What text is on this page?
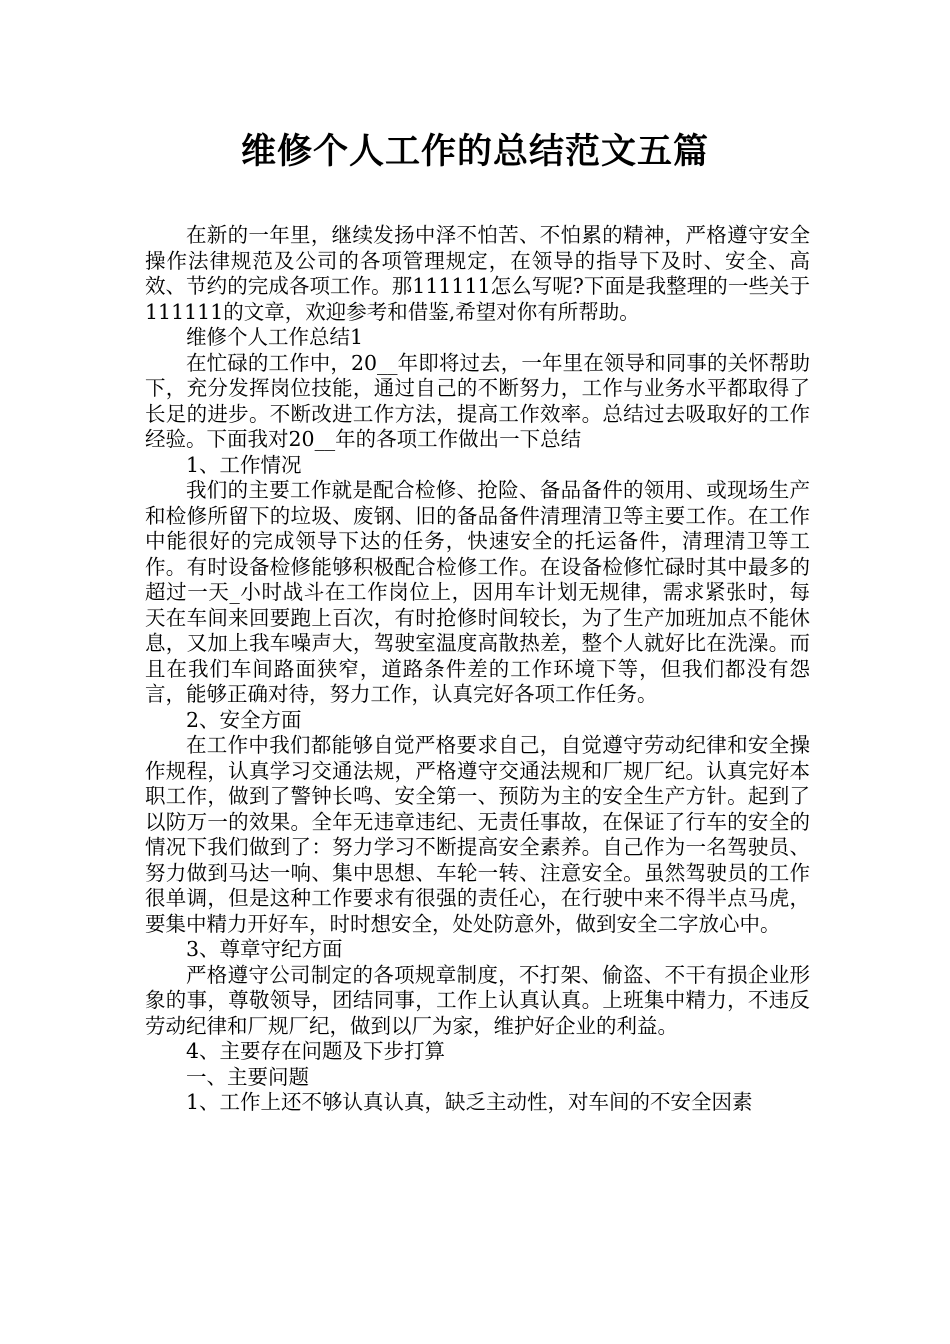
维修个人工作的总结范文五篇

在新的一年里，继续发扬中泽不怕苦、不怕累的精神，严格遵守安全操作法律规范及公司的各项管理规定，在领导的指导下及时、安全、高效、节约的完成各项工作。那111111怎么写呢?下面是我整理的一些关于111111的文章，欢迎参考和借鉴,希望对你有所帮助。

维修个人工作总结1

在忙碌的工作中，20__年即将过去，一年里在领导和同事的关怀帮助下，充分发挥岗位技能，通过自己的不断努力，工作与业务水平都取得了长足的进步。不断改进工作方法，提高工作效率。总结过去吸取好的工作经验。下面我对20__年的各项工作做出一下总结

1、工作情况

我们的主要工作就是配合检修、抢险、备品备件的领用、或现场生产和检修所留下的垃圾、废钢、旧的备品备件清理清卫等主要工作。在工作中能很好的完成领导下达的任务，快速安全的托运备件，清理清卫等工作。有时设备检修能够积极配合检修工作。在设备检修忙碌时其中最多的超过一天_小时战斗在工作岗位上，因用车计划无规律，需求紧张时，每天在车间来回要跑上百次，有时抢修时间较长，为了生产加班加点不能休息，又加上我车噪声大，驾驶室温度高散热差，整个人就好比在洗澡。而且在我们车间路面狭窄，道路条件差的工作环境下等，但我们都没有怨言，能够正确对待，努力工作，认真完好各项工作任务。

2、安全方面

在工作中我们都能够自觉严格要求自己，自觉遵守劳动纪律和安全操作规程，认真学习交通法规，严格遵守交通法规和厂规厂纪。认真完好本职工作，做到了警钟长鸣、安全第一、预防为主的安全生产方针。起到了以防万一的效果。全年无违章违纪、无责任事故，在保证了行车的安全的情况下我们做到了：努力学习不断提高安全素养。自己作为一名驾驶员、努力做到马达一响、集中思想、车轮一转、注意安全。虽然驾驶员的工作很单调，但是这种工作要求有很强的责任心，在行驶中来不得半点马虎，要集中精力开好车，时时想安全，处处防意外，做到安全二字放心中。

3、尊章守纪方面

严格遵守公司制定的各项规章制度，不打架、偷盗、不干有损企业形象的事，尊敬领导，团结同事，工作上认真认真。上班集中精力，不违反劳动纪律和厂规厂纪，做到以厂为家，维护好企业的利益。

4、主要存在问题及下步打算

一、主要问题

1、工作上还不够认真认真，缺乏主动性，对车间的不安全因素
